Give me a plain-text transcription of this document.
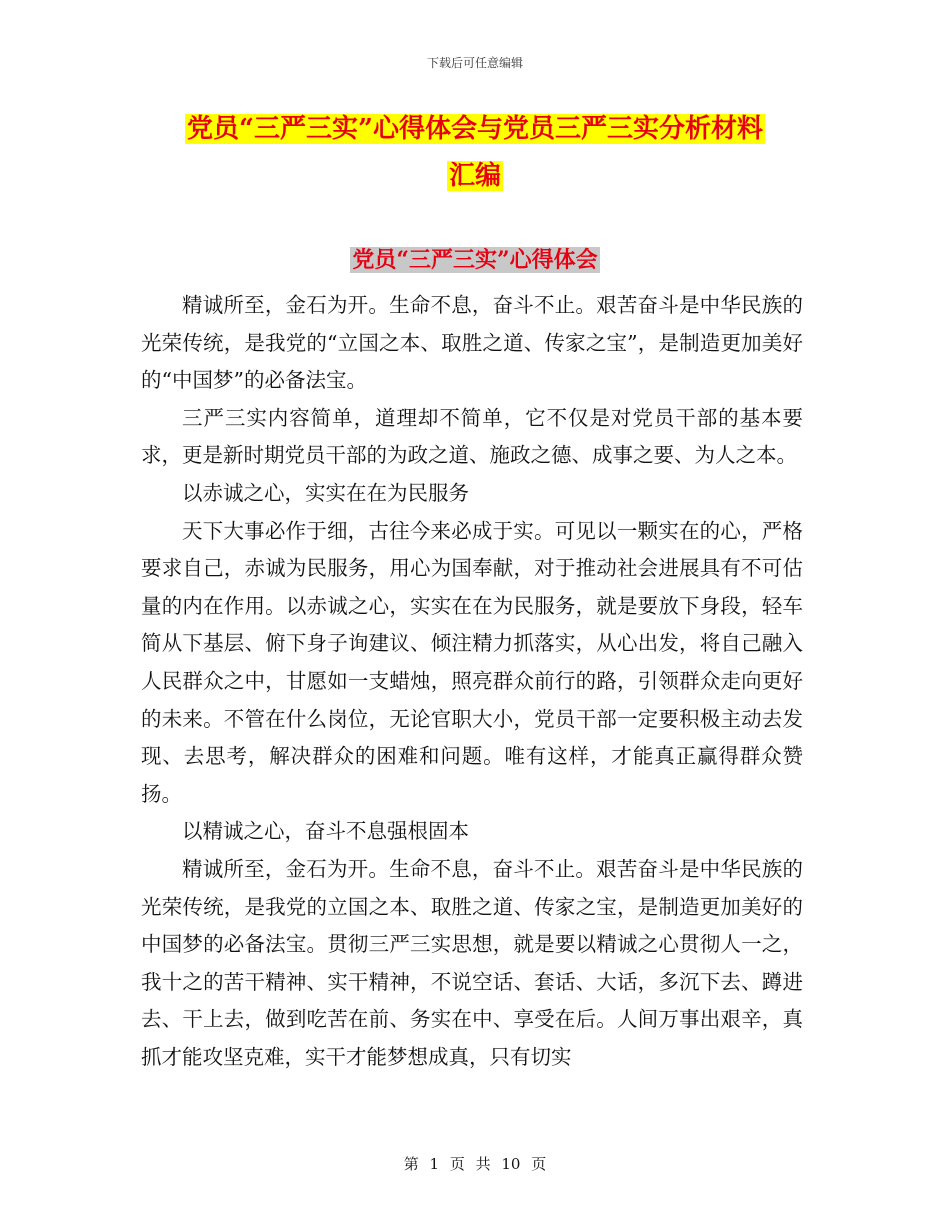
下载后可任意编辑
党员“三严三实”心得体会与党员三严三实分析材料
汇编
党员“三严三实”心得体会

精诚所至，金石为开。生命不息，奋斗不止。艰苦奋斗是中华民族的光荣传统，是我党的“立国之本、取胜之道、传家之宝”，是制造更加美好的“中国梦”的必备法宝。

三严三实内容简单，道理却不简单，它不仅是对党员干部的基本要求，更是新时期党员干部的为政之道、施政之德、成事之要、为人之本。

以赤诚之心，实实在在为民服务

天下大事必作于细，古往今来必成于实。可见以一颗实在的心，严格要求自己，赤诚为民服务，用心为国奉献，对于推动社会进展具有不可估量的内在作用。以赤诚之心，实实在在为民服务，就是要放下身段，轻车简从下基层、俯下身子询建议、倾注精力抓落实，从心出发，将自己融入人民群众之中，甘愿如一支蜡烛，照亮群众前行的路，引领群众走向更好的未来。不管在什么岗位，无论官职大小，党员干部一定要积极主动去发现、去思考，解决群众的困难和问题。唯有这样，才能真正赢得群众赞扬。

以精诚之心，奋斗不息强根固本

精诚所至，金石为开。生命不息，奋斗不止。艰苦奋斗是中华民族的光荣传统，是我党的立国之本、取胜之道、传家之宝，是制造更加美好的中国梦的必备法宝。贯彻三严三实思想，就是要以精诚之心贯彻人一之，我十之的苦干精神、实干精神，不说空话、套话、大话，多沉下去、蹲进去、干上去，做到吃苦在前、务实在中、享受在后。人间万事出艰辛，真抓才能攻坚克难，实干才能梦想成真，只有切实

第 1 页 共 10 页
